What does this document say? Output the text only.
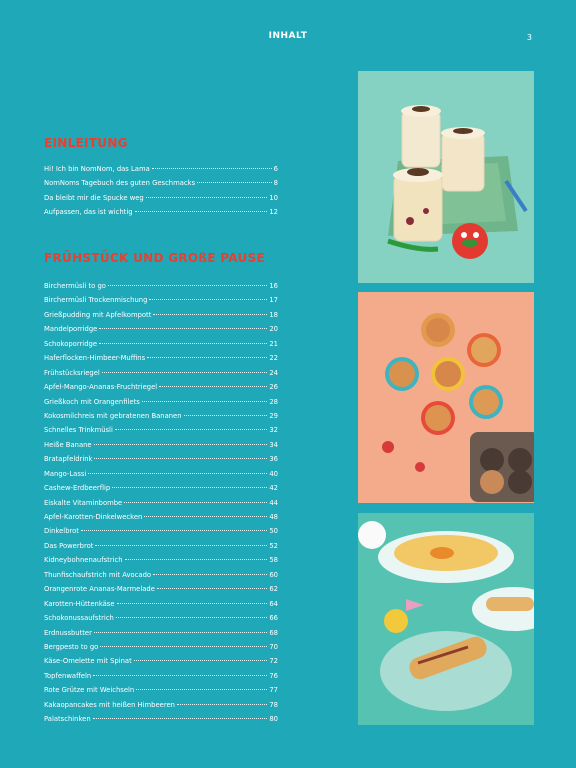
INHALT	3
EINLEITUNG
Hi! Ich bin NomNom, das Lama	6
NomNoms Tagebuch des guten Geschmacks	8
Da bleibt mir die Spucke weg	10
Aufpassen, das ist wichtig	12
FRÜHSTÜCK UND GROßE PAUSE
Birchermüsli to go	16
Birchermüsli Trockenmischung	17
Grießpudding mit Apfelkompott	18
Mandelporridge	20
Schokoporridge	21
Haferflocken-Himbeer-Muffins	22
Frühstücksriegel	24
Apfel-Mango-Ananas-Fruchtriegel	26
Grießkoch mit Orangenfilets	28
Kokosmilchreis mit gebratenen Bananen	29
Schnelles Trinkmüsli	32
Heiße Banane	34
Bratapfeldrink	36
Mango-Lassi	40
Cashew-Erdbeerflip	42
Eiskalte Vitaminbombe	44
Apfel-Karotten-Dinkelwecken	48
Dinkelbrot	50
Das Powerbrot	52
Kidneybohnenaufstrich	58
Thunfischaufstrich mit Avocado	60
Orangenrote Ananas-Marmelade	62
Karotten-Hüttenkäse	64
Schokonussaufstrich	66
Erdnussbutter	68
Bergpesto to go	70
Käse-Omelette mit Spinat	72
Topfenwaffeln	76
Rote Grütze mit Weichseln	77
Kakaopancakes mit heißen Himbeeren	78
Palatschinken	80
